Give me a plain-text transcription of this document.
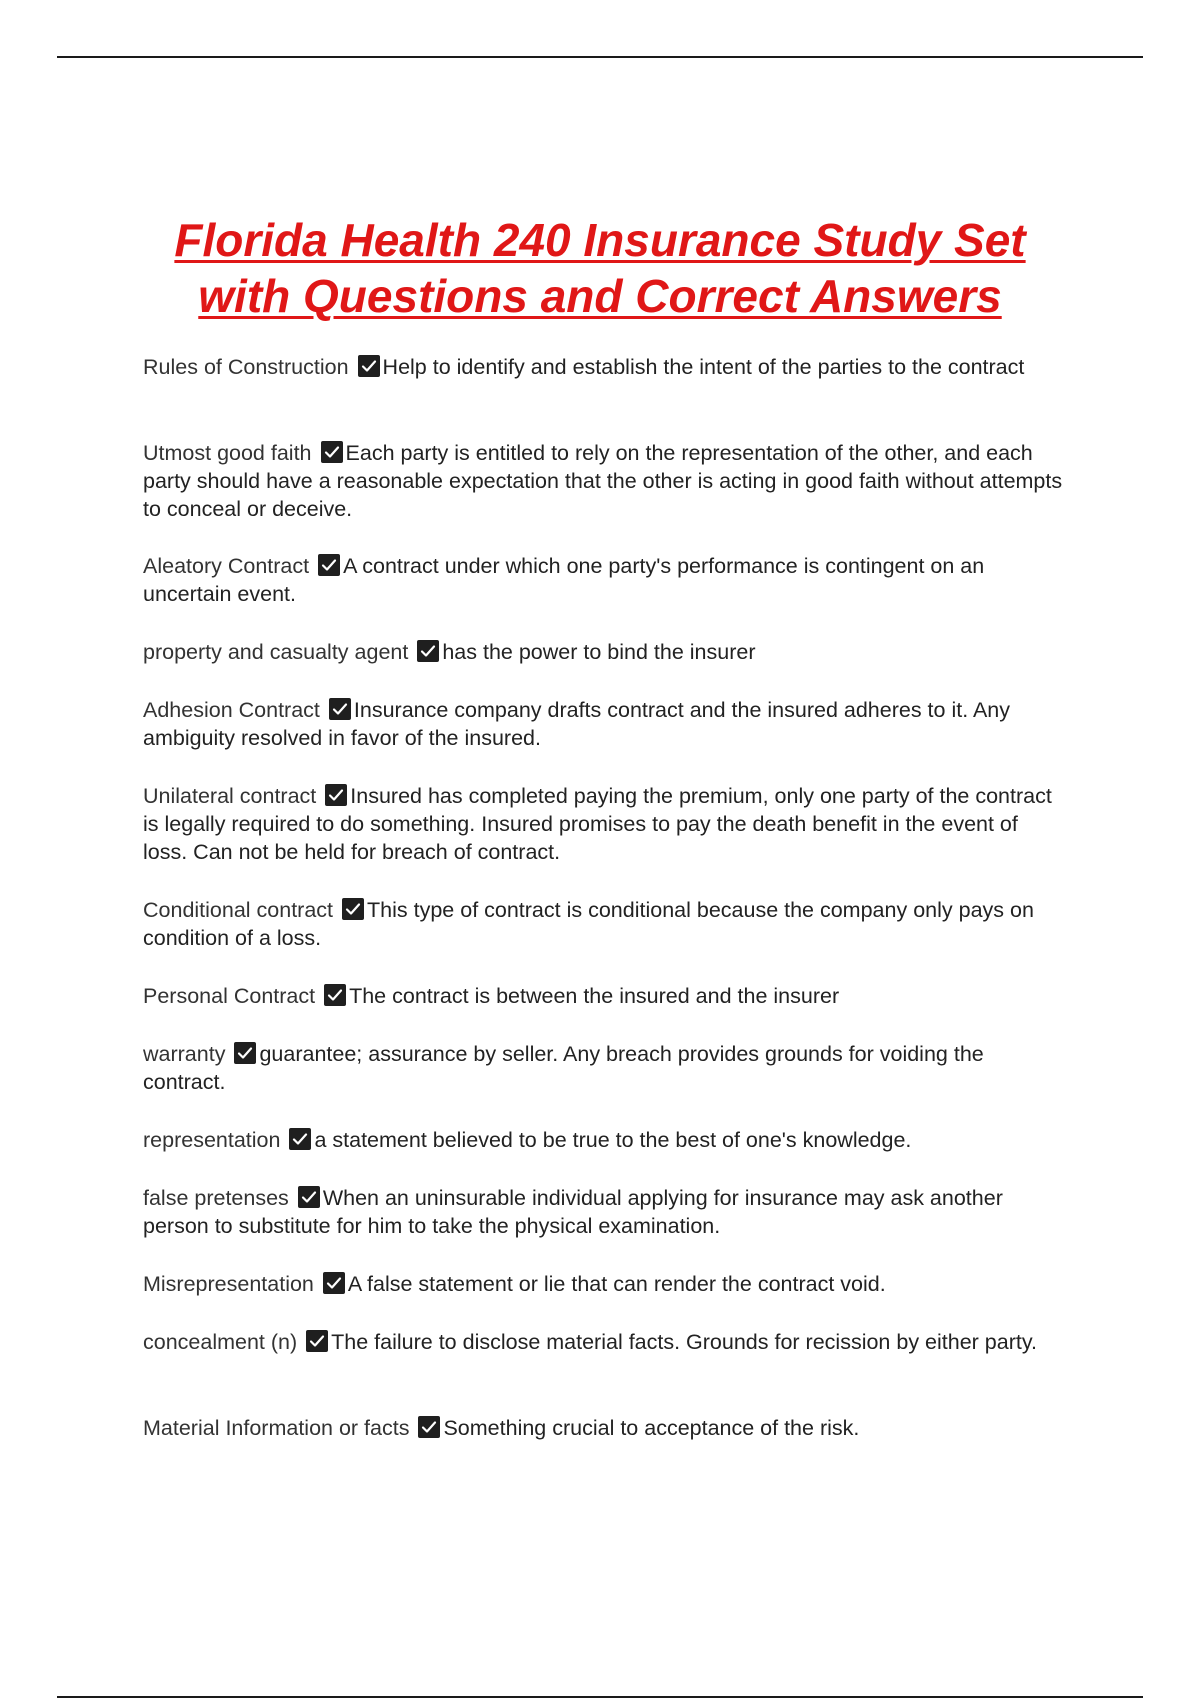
Florida Health 240 Insurance Study Set
with Questions and Correct Answers
Rules of Construction Help to identify and establish the intent of the parties to the contract
Utmost good faith Each party is entitled to rely on the representation of the other, and each party should have a reasonable expectation that the other is acting in good faith without attempts to conceal or deceive.
Aleatory Contract A contract under which one party's performance is contingent on an uncertain event.
property and casualty agent has the power to bind the insurer
Adhesion Contract Insurance company drafts contract and the insured adheres to it. Any ambiguity resolved in favor of the insured.
Unilateral contract Insured has completed paying the premium, only one party of the contract is legally required to do something. Insured promises to pay the death benefit in the event of loss. Can not be held for breach of contract.
Conditional contract This type of contract is conditional because the company only pays on condition of a loss.
Personal Contract The contract is between the insured and the insurer
warranty guarantee; assurance by seller. Any breach provides grounds for voiding the contract.
representation a statement believed to be true to the best of one's knowledge.
false pretenses When an uninsurable individual applying for insurance may ask another person to substitute for him to take the physical examination.
Misrepresentation A false statement or lie that can render the contract void.
concealment (n) The failure to disclose material facts. Grounds for recission by either party.
Material Information or facts Something crucial to acceptance of the risk.
